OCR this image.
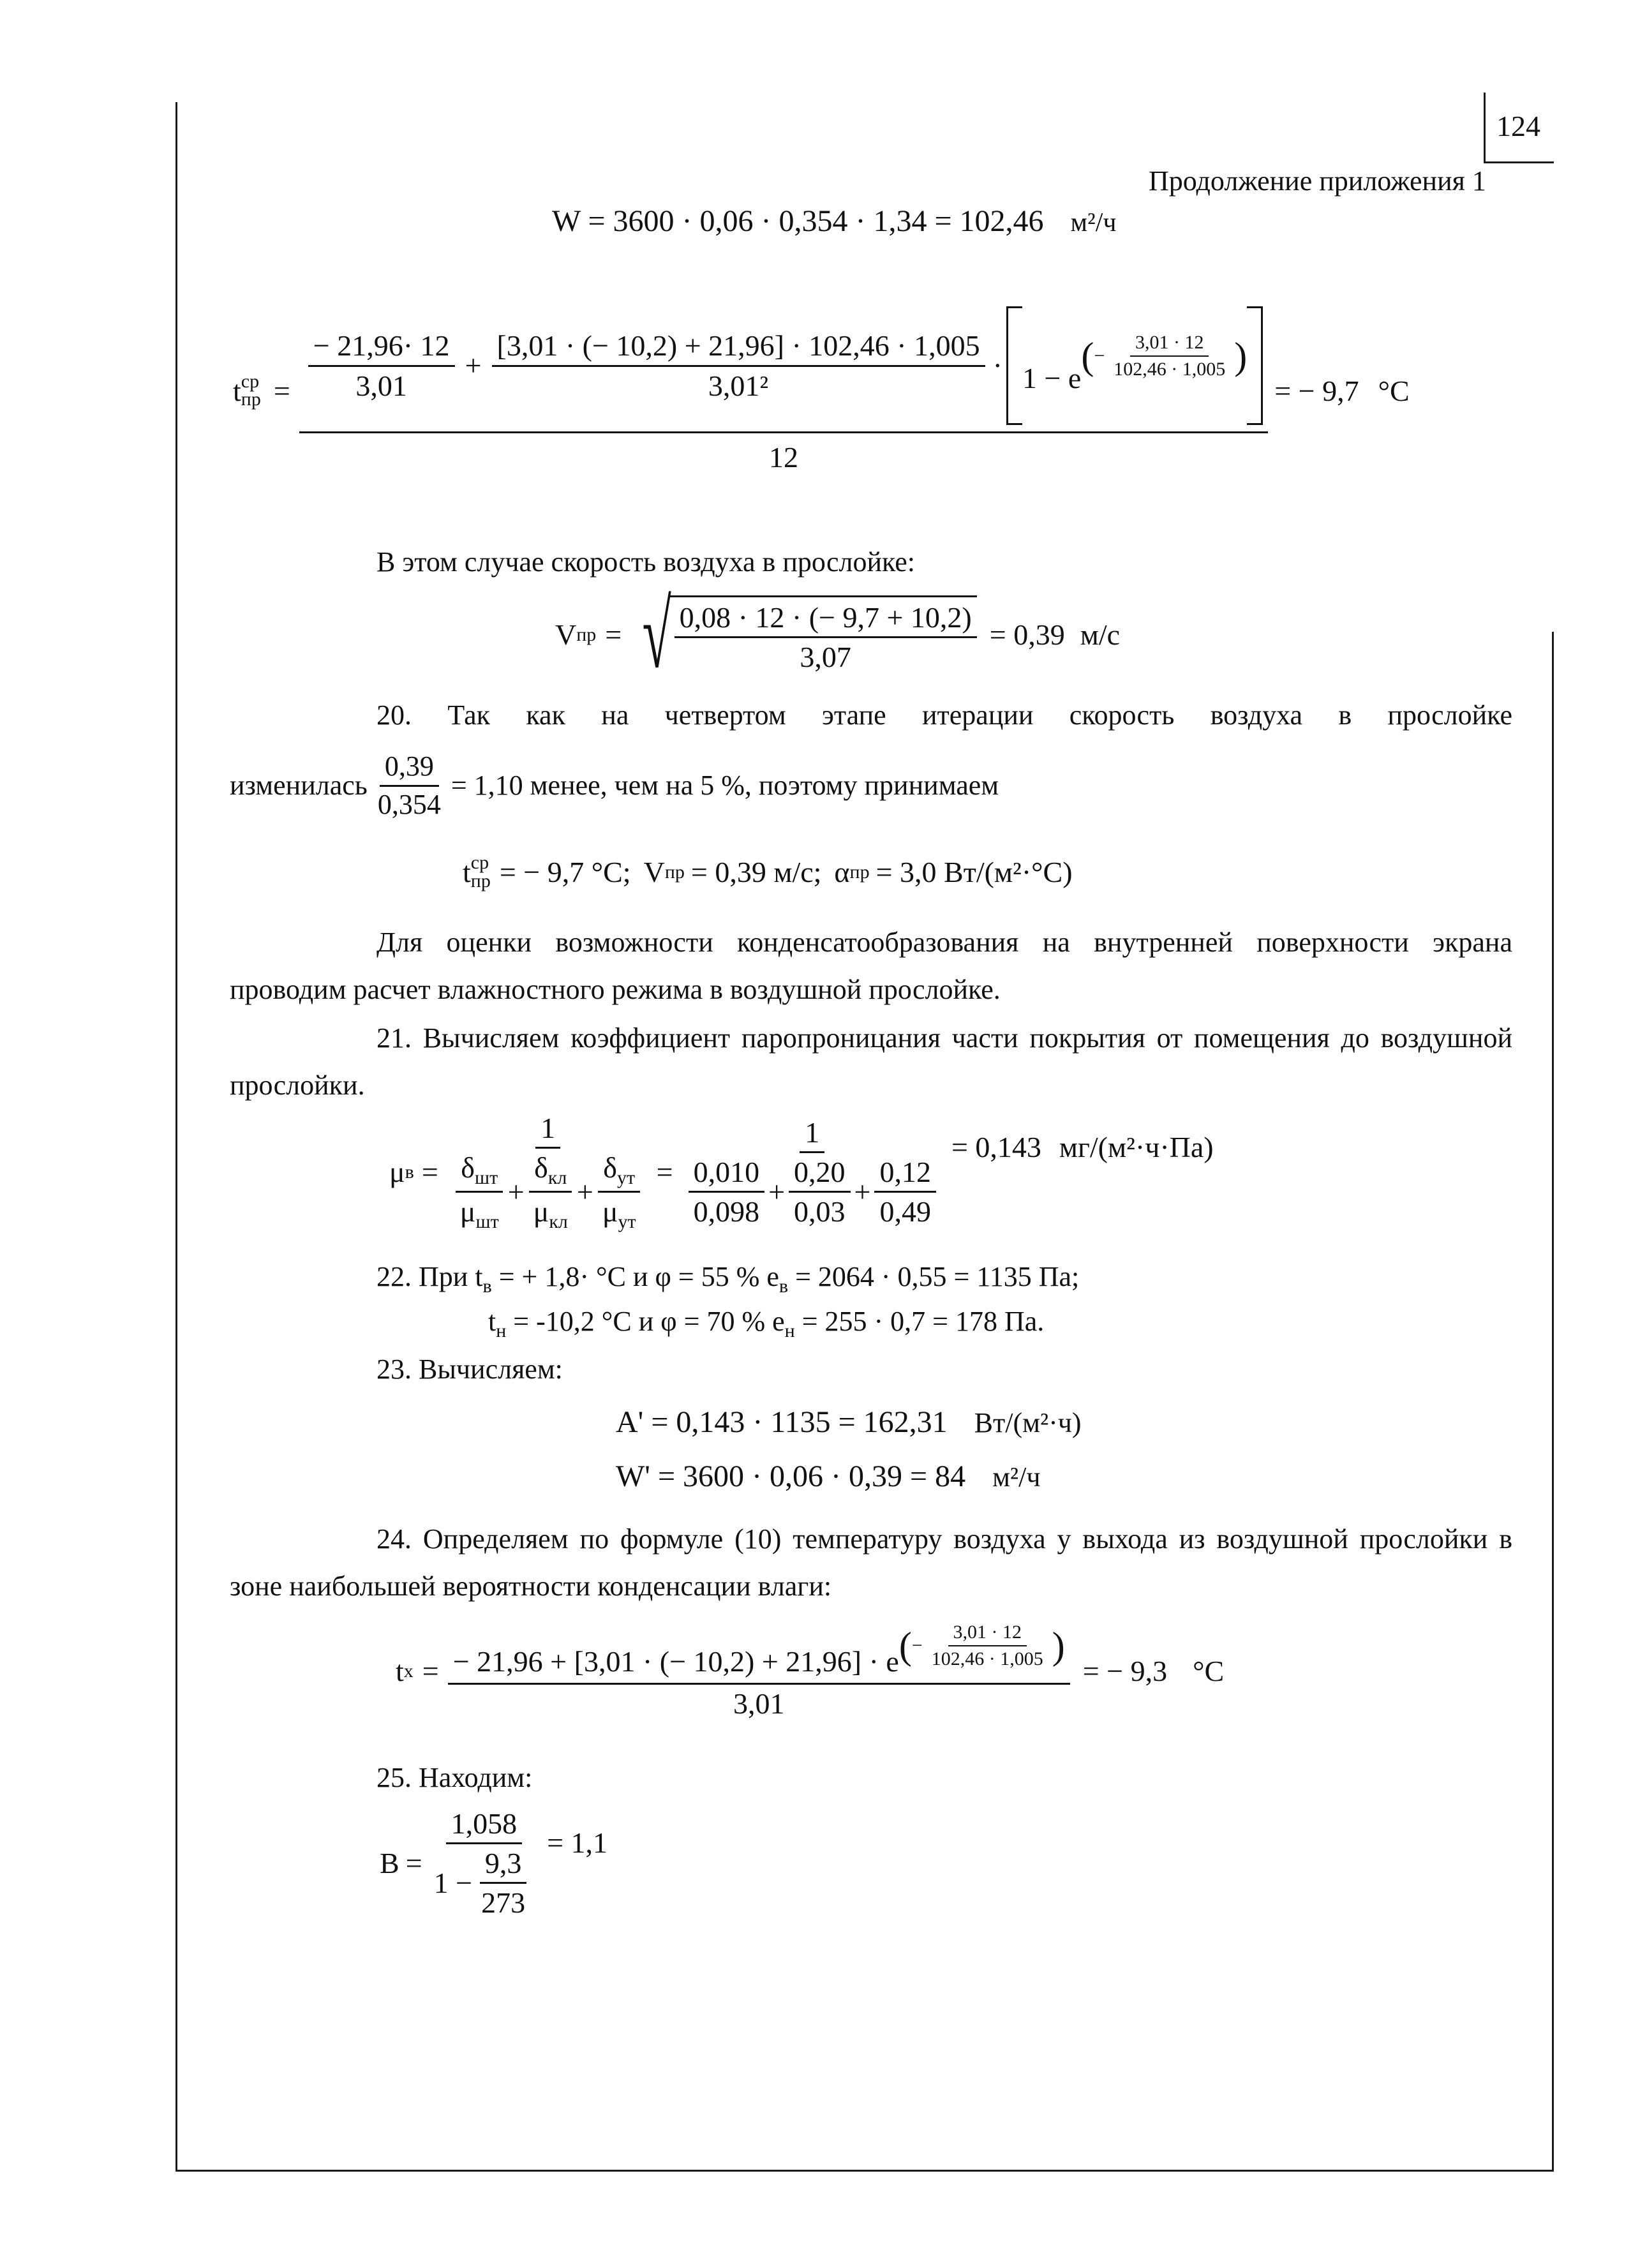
124
Продолжение приложения 1
W = 3600 · 0,06 · 0,354 · 1,34 = 102,46 м²/ч
t ср
пр = $\frac{- 21,96\cdot 12}{3,01} + \frac{[3,01 \cdot (- 10,2) + 21,96] \cdot 102,46 \cdot 1,005}{\text{3,01²}} \cdot 1 - e$
( − $\frac{3,01 \cdot 12}{102,46 \cdot 1,005}$ )
12
= − 9,7 °С
В этом случае скорость воздуха в прослойке:
V пр = √ $\frac{0,08 \cdot 12 \cdot (- 9,7 + 10,2)}{3,07} = 0,39$ м/с
20. Так как на четвертом этапе итерации скорость воздуха в прослойке
изменилась $\frac{0,39}{0,354} = 1,10$ менее, чем на 5 %, поэтому принимаем
t ср
пр = − 9,7 °С; V пр = 0,39 м/с; α пр = 3,0 Вт/(м²·°С)
Для оценки возможности конденсатообразования на внутренней поверхности экрана проводим расчет влажностного режима в воздушной прослойке.
21. Вычисляем коэффициент паропроницания части покрытия от помещения до воздушной прослойки.
μ $в = \frac{1}{\frac{\delta_{шт}}{\mu_{шт}} + \frac{\delta_{кл}}{\mu_{кл}} + \frac{\delta_{ут}}{\mu_{ут}}} = \frac{1}{\frac{0,010}{0,098} + \frac{0,20}{0,03} + \frac{0,12}{0,49}} = 0,143$ мг/(м²·ч·Па)
22. При $t_в$ = + 1,8· °С и φ = 55 % $е_в = 2064 \cdot 0,55 = 1135$ Па;
$t_н = -10,2$ °С и φ = 70 % $е_н = 255 \cdot 0,7 = 178$ Па.
23. Вычисляем:
А' = 0,143 · 1135 = 162,31 Вт/(м²·ч)
W' = 3600 · 0,06 · 0,39 = 84 м²/ч
24. Определяем по формуле (10) температуру воздуха у выхода из воздушной прослойки в зоне наибольшей вероятности конденсации влаги:
t х = − 21,96 + [3,01 · (− 10,2) + 21,96] · e ( − $\frac{3,01 \cdot 12}{102,46 \cdot 1,005}$ )
3,01
= − 9,3 °С
25. Находим:
$В = \frac{1,058}{1 - \frac{9,3}{273}} = 1,1$
